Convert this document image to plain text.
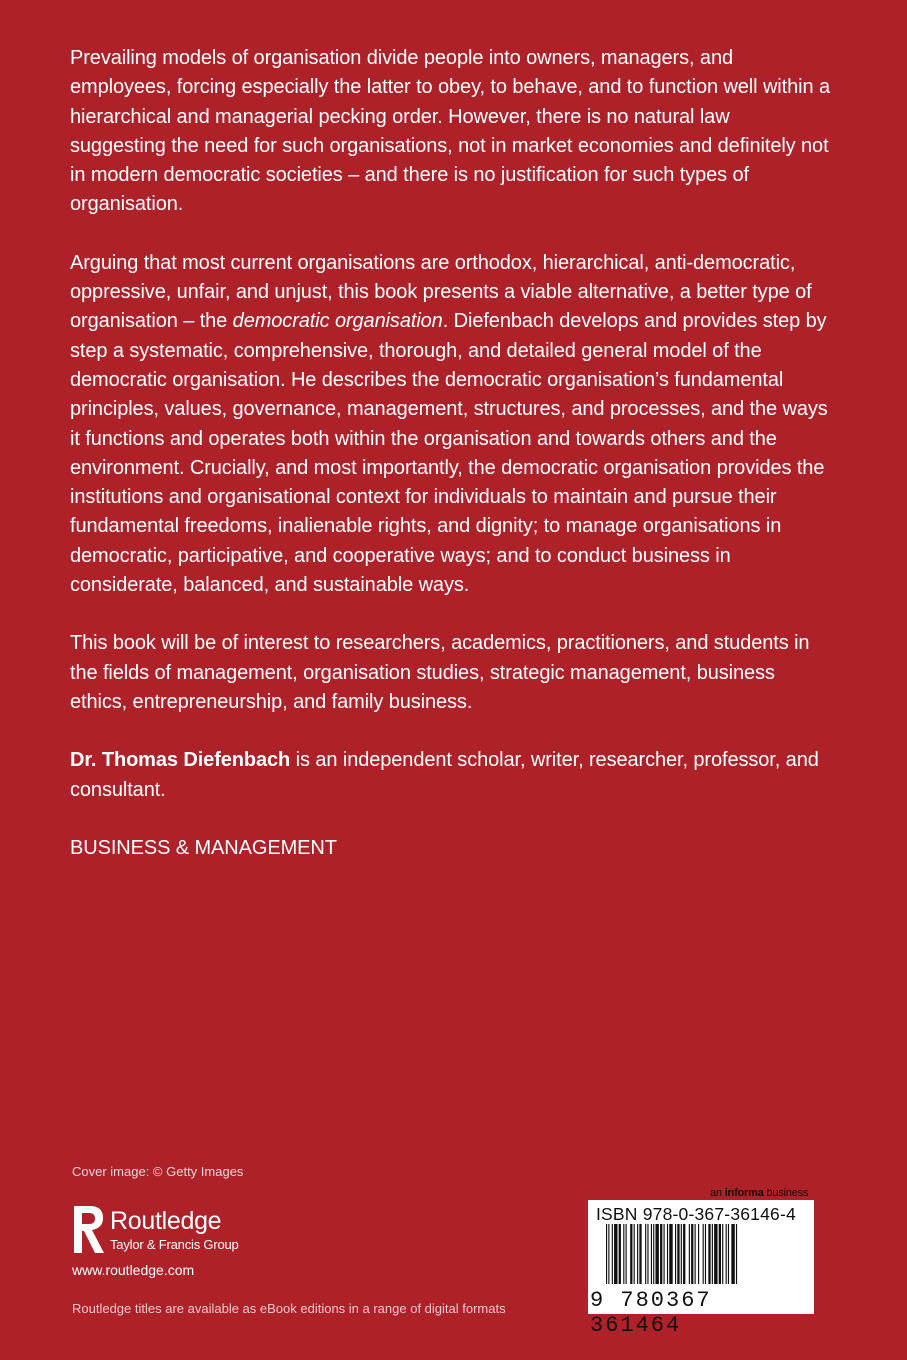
Prevailing models of organisation divide people into owners, managers, and employees, forcing especially the latter to obey, to behave, and to function well within a hierarchical and managerial pecking order. However, there is no natural law suggesting the need for such organisations, not in market economies and definitely not in modern democratic societies – and there is no justification for such types of organisation.

Arguing that most current organisations are orthodox, hierarchical, anti-democratic, oppressive, unfair, and unjust, this book presents a viable alternative, a better type of organisation – the democratic organisation. Diefenbach develops and provides step by step a systematic, comprehensive, thorough, and detailed general model of the democratic organisation. He describes the democratic organisation’s fundamental principles, values, governance, management, structures, and processes, and the ways it functions and operates both within the organisation and towards others and the environment. Crucially, and most importantly, the democratic organisation provides the institutions and organisational context for individuals to maintain and pursue their fundamental freedoms, inalienable rights, and dignity; to manage organisations in democratic, participative, and cooperative ways; and to conduct business in considerate, balanced, and sustainable ways.

This book will be of interest to researchers, academics, practitioners, and students in the fields of management, organisation studies, strategic management, business ethics, entrepreneurship, and family business.

Dr. Thomas Diefenbach is an independent scholar, writer, researcher, professor, and consultant.

BUSINESS & MANAGEMENT

Cover image: © Getty Images
Routledge
Taylor & Francis Group
www.routledge.com
Routledge titles are available as eBook editions in a range of digital formats
an informa business
ISBN 978-0-367-36146-4
9 780367 361464
